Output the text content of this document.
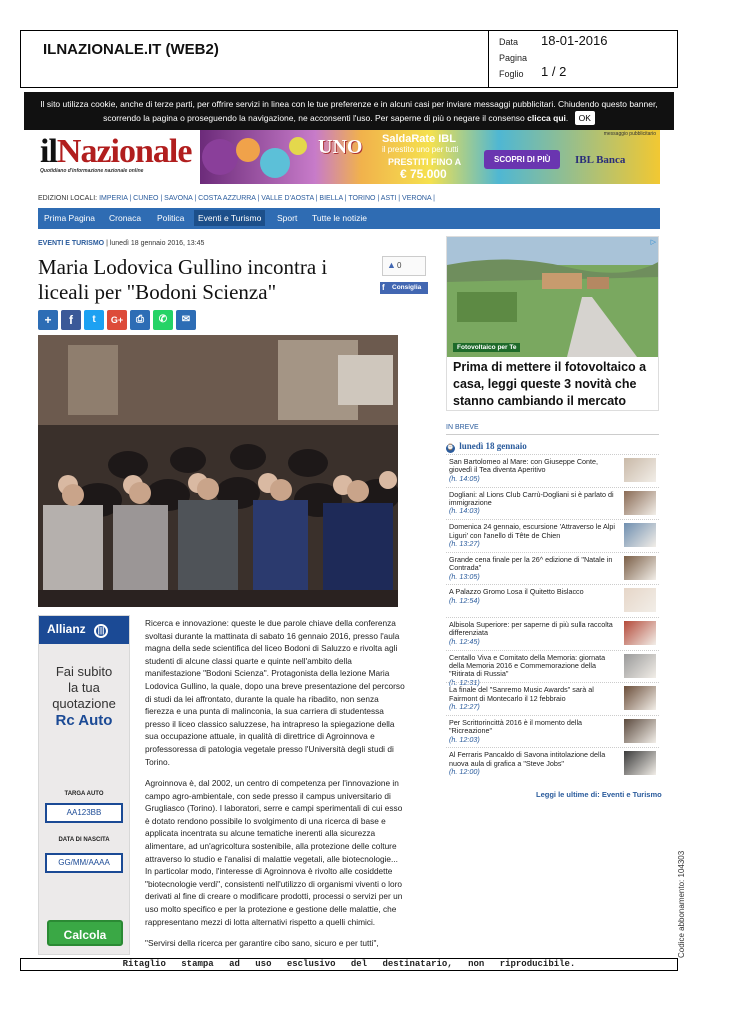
ILNAZIONALE.IT (WEB2)	Data 18-01-2016
Pagina
Foglio 1 / 2
Il sito utilizza cookie, anche di terze parti, per offrire servizi in linea con le tue preferenze e in alcuni casi per inviare messaggi pubblicitari. Chiudendo questo banner, scorrendo la pagina o proseguendo la navigazione, ne acconsenti l'uso. Per saperne di più o negare il consenso clicca qui. OK
ilNazionale
Quotidiano d'informazione nazionale online
UNO SaldaRate IBL
il prestito uno per tutti
PRESTITI FINO A
€ 75.000
SCOPRI DI PIÙ	IBL Banca
messaggio pubblicitario
EDIZIONI LOCALI: IMPERIA | CUNEO | SAVONA | COSTA AZZURRA | VALLE D'AOSTA | BIELLA | TORINO | ASTI | VERONA |
Prima Pagina Cronaca Politica	Eventi e Turismo	Sport Tutte le notizie
EVENTI E TURISMO | lunedì 18 gennaio 2016, 13:45
Maria Lodovica Gullino incontra i liceali per "Bodoni Scienza"
▲ 0
f Consiglia
+	f	t	G+	⎙	✆	✉
Allianz |||
Fai subito
la tua
quotazione
Rc Auto
TARGA AUTO
AA123BB
DATA DI NASCITA
GG/MM/AAAA
Calcola

Ricerca e innovazione: queste le due parole chiave della conferenza svoltasi durante la mattinata di sabato 16 gennaio 2016, presso l'aula magna della sede scientifica del liceo Bodoni di Saluzzo e rivolta agli studenti di alcune classi quarte e quinte nell'ambito della manifestazione "Bodoni Scienza". Protagonista della lezione Maria Lodovica Gullino, la quale, dopo una breve presentazione del percorso di studi da lei affrontato, durante la quale ha ribadito, non senza fierezza e una punta di malinconia, la sua carriera di studentessa presso il liceo classico saluzzese, ha intrapreso la spiegazione della sua occupazione attuale, in qualità di direttrice di Agroinnova e professoressa di patologia vegetale presso l'Università degli studi di Torino.

Agroinnova è, dal 2002, un centro di competenza per l'innovazione in campo agro-ambientale, con sede presso il campus universitario di Grugliasco (Torino). I laboratori, serre e campi sperimentali di cui esso è dotato rendono possibile lo svolgimento di una ricerca di base e applicata incentrata su alcune tematiche inerenti alla sicurezza alimentare, ad un'agricoltura sostenibile, alla protezione delle colture attraverso lo studio e l'analisi di malattie vegetali, alle biotecnologie... In particolar modo, l'interesse di Agroinnova è rivolto alle cosiddette "biotecnologie verdi", consistenti nell'utilizzo di organismi viventi o loro derivati al fine di creare o modificare prodotti, processi o servizi per un uso molto specifico e per la protezione e gestione delle malattie, che rappresentano mezzi di lotta alternativi rispetto a quelli chimici.

"Servirsi della ricerca per garantire cibo sano, sicuro e per tutti",

▷
Fotovoltaico per Te
Prima di mettere il fotovoltaico a casa, leggi queste 3 novità che stanno cambiando il mercato
IN BREVE
⌚ lunedì 18 gennaio
San Bartolomeo al Mare: con Giuseppe Conte, giovedì il Tea diventa Aperitivo
(h. 14:05)
Dogliani: al Lions Club Carrù-Dogliani si è parlato di immigrazione
(h. 14:03)
Domenica 24 gennaio, escursione 'Attraverso le Alpi Liguri' con l'anello di Tête de Chien
(h. 13:27)
Grande cena finale per la 26^ edizione di "Natale in Contrada"
(h. 13:05)
A Palazzo Gromo Losa il Quitetto Bislacco
(h. 12:54)
Albisola Superiore: per saperne di più sulla raccolta differenziata
(h. 12:45)
Centallo Viva e Comitato della Memoria: giornata della Memoria 2016 e Commemorazione della "Ritirata di Russia"
(h. 12:31)
La finale del "Sanremo Music Awards" sarà al Fairmont di Montecarlo il 12 febbraio
(h. 12:27)
Per Scrittorincittà 2016 è il momento della "Ricreazione"
(h. 12:03)
Al Ferraris Pancaldo di Savona intitolazione della nuova aula di grafica a "Steve Jobs"
(h. 12:00)
Leggi le ultime di: Eventi e Turismo
Ritaglio stampa ad uso esclusivo del destinatario, non riproducibile.
Codice abbonamento: 104303
